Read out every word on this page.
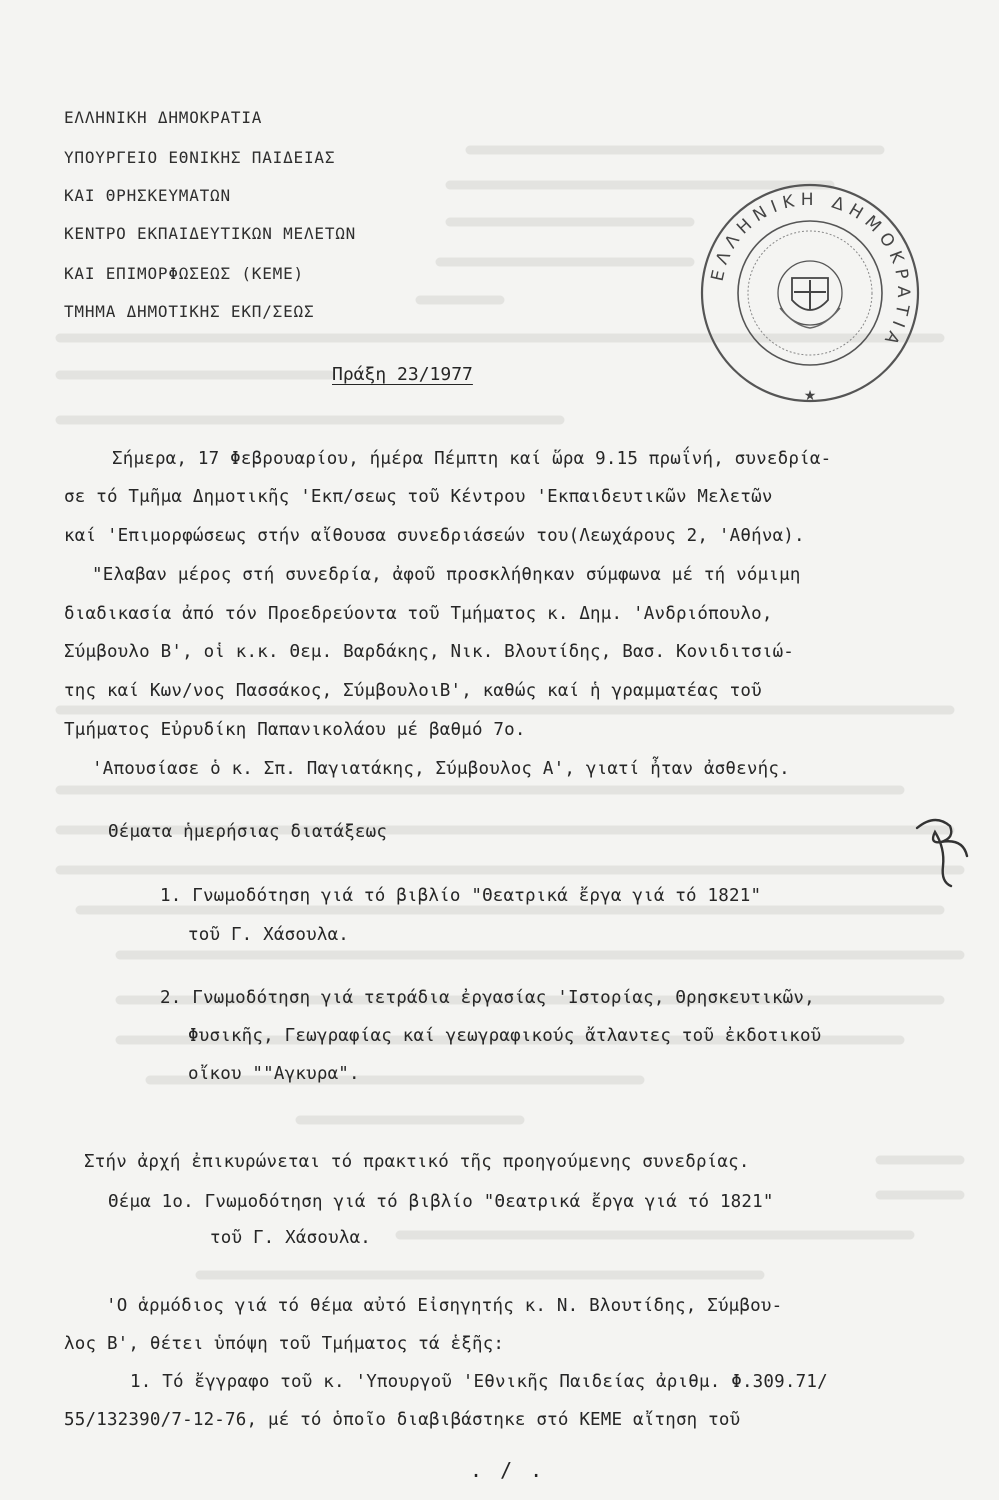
ΕΛΛΗΝΙΚΗ ΔΗΜΟΚΡΑΤΙΑ
ΥΠΟΥΡΓΕΙΟ ΕΘΝΙΚΗΣ ΠΑΙΔΕΙΑΣ
ΚΑΙ ΘΡΗΣΚΕΥΜΑΤΩΝ
ΚΕΝΤΡΟ ΕΚΠΑΙΔΕΥΤΙΚΩΝ ΜΕΛΕΤΩΝ
ΚΑΙ ΕΠΙΜΟΡΦΩΣΕΩΣ (ΚΕΜΕ)
ΤΜΗΜΑ ΔΗΜΟΤΙΚΗΣ ΕΚΠ/ΣΕΩΣ
ΕΛΛΗΝΙΚΗ ΔΗΜΟΚΡΑΤΙΑ
★
Πράξη 23/1977
Σήμερα, 17 Φεβρουαρίου, ήμέρα Πέμπτη καί ὥρα 9.15 πρωΐνή, συνεδρία-
σε τό Τμῆμα Δημοτικῆς 'Εκπ/σεως τοῦ Κέντρου 'Εκπαιδευτικῶν Μελετῶν
καί 'Επιμορφώσεως στήν αἴθουσα συνεδριάσεών του(Λεωχάρους 2, 'Αθήνα).
"Ελαβαν μέρος στή συνεδρία, ἀφοῦ προσκλήθηκαν σύμφωνα μέ τή νόμιμη
διαδικασία ἀπό τόν Προεδρεύοντα τοῦ Τμήματος κ. Δημ. 'Ανδριόπουλο,
Σύμβουλο Β', οἱ κ.κ. Θεμ. Βαρδάκης, Νικ. Βλουτίδης, Βασ. Κονιδιτσιώ-
της καί Κων/νος Πασσάκος, ΣύμβουλοιΒ', καθώς καί ἡ γραμματέας τοῦ
Τμήματος Εὐρυδίκη Παπανικολάου μέ βαθμό 7ο.
'Απουσίασε ὁ κ. Σπ. Παγιατάκης, Σύμβουλος Α', γιατί ἦταν ἀσθενής.
Θέματα ἡμερήσιας διατάξεως
1. Γνωμοδότηση γιά τό βιβλίο "Θεατρικά ἔργα γιά τό 1821"
τοῦ Γ. Χάσουλα.
2. Γνωμοδότηση γιά τετράδια ἐργασίας 'Ιστορίας, Θρησκευτικῶν,
Φυσικῆς, Γεωγραφίας καί γεωγραφικούς ἄτλαντες τοῦ ἐκδοτικοῦ
οἴκου ""Αγκυρα".
Στήν ἀρχή ἐπικυρώνεται τό πρακτικό τῆς προηγούμενης συνεδρίας.
Θέμα 1ο. Γνωμοδότηση γιά τό βιβλίο "Θεατρικά ἔργα γιά τό 1821"
τοῦ Γ. Χάσουλα.
'Ο ἁρμόδιος γιά τό θέμα αὐτό Εἰσηγητής κ. Ν. Βλουτίδης, Σύμβου-
λος Β', θέτει ὑπόψη τοῦ Τμήματος τά ἑξῆς:
1. Τό ἔγγραφο τοῦ κ. 'Υπουργοῦ 'Εθνικῆς Παιδείας ἀριθμ. Φ.309.71/
55/132390/7-12-76, μέ τό ὁποῖο διαβιβάστηκε στό ΚΕΜΕ αἴτηση τοῦ
. / .
